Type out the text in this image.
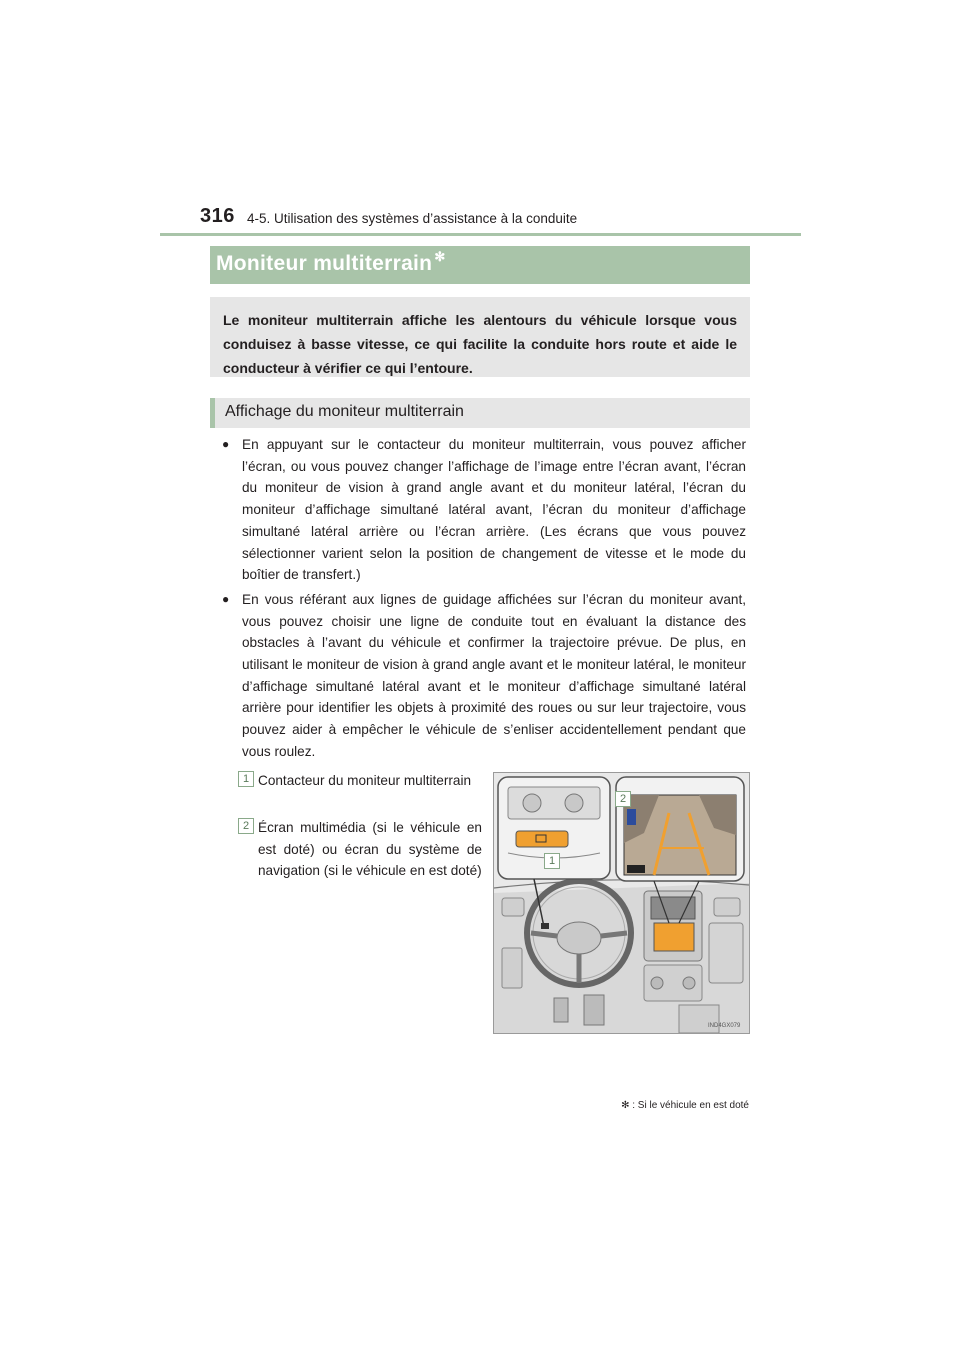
316 4-5. Utilisation des systèmes d’assistance à la conduite
Moniteur multiterrain ✻
Le moniteur multiterrain affiche les alentours du véhicule lorsque vous conduisez à basse vitesse, ce qui facilite la conduite hors route et aide le conducteur à vérifier ce qui l’entoure.
Affichage du moniteur multiterrain
● En appuyant sur le contacteur du moniteur multiterrain, vous pouvez afficher l’écran, ou vous pouvez changer l’affichage de l’image entre l’écran avant, l’écran du moniteur de vision à grand angle avant et du moniteur latéral, l’écran du moniteur d’affichage simultané latéral avant, l’écran du moniteur d’affichage simultané latéral arrière ou l’écran arrière. (Les écrans que vous pouvez sélectionner varient selon la position de changement de vitesse et le mode du boîtier de transfert.)
● En vous référant aux lignes de guidage affichées sur l’écran du moniteur avant, vous pouvez choisir une ligne de conduite tout en évaluant la distance des obstacles à l’avant du véhicule et confirmer la trajectoire prévue. De plus, en utilisant le moniteur de vision à grand angle avant et le moniteur latéral, le moniteur d’affichage simultané latéral avant et le moniteur d’affichage simultané latéral arrière pour identifier les objets à proximité des roues ou sur leur trajectoire, vous pouvez aider à empêcher le véhicule de s’enliser accidentellement pendant que vous roulez.
1 Contacteur du moniteur multiterrain
2 Écran multimédia (si le véhicule en est doté) ou écran du système de navigation (si le véhicule en est doté)
IND4GX079
1
2
✻ : Si le véhicule en est doté
